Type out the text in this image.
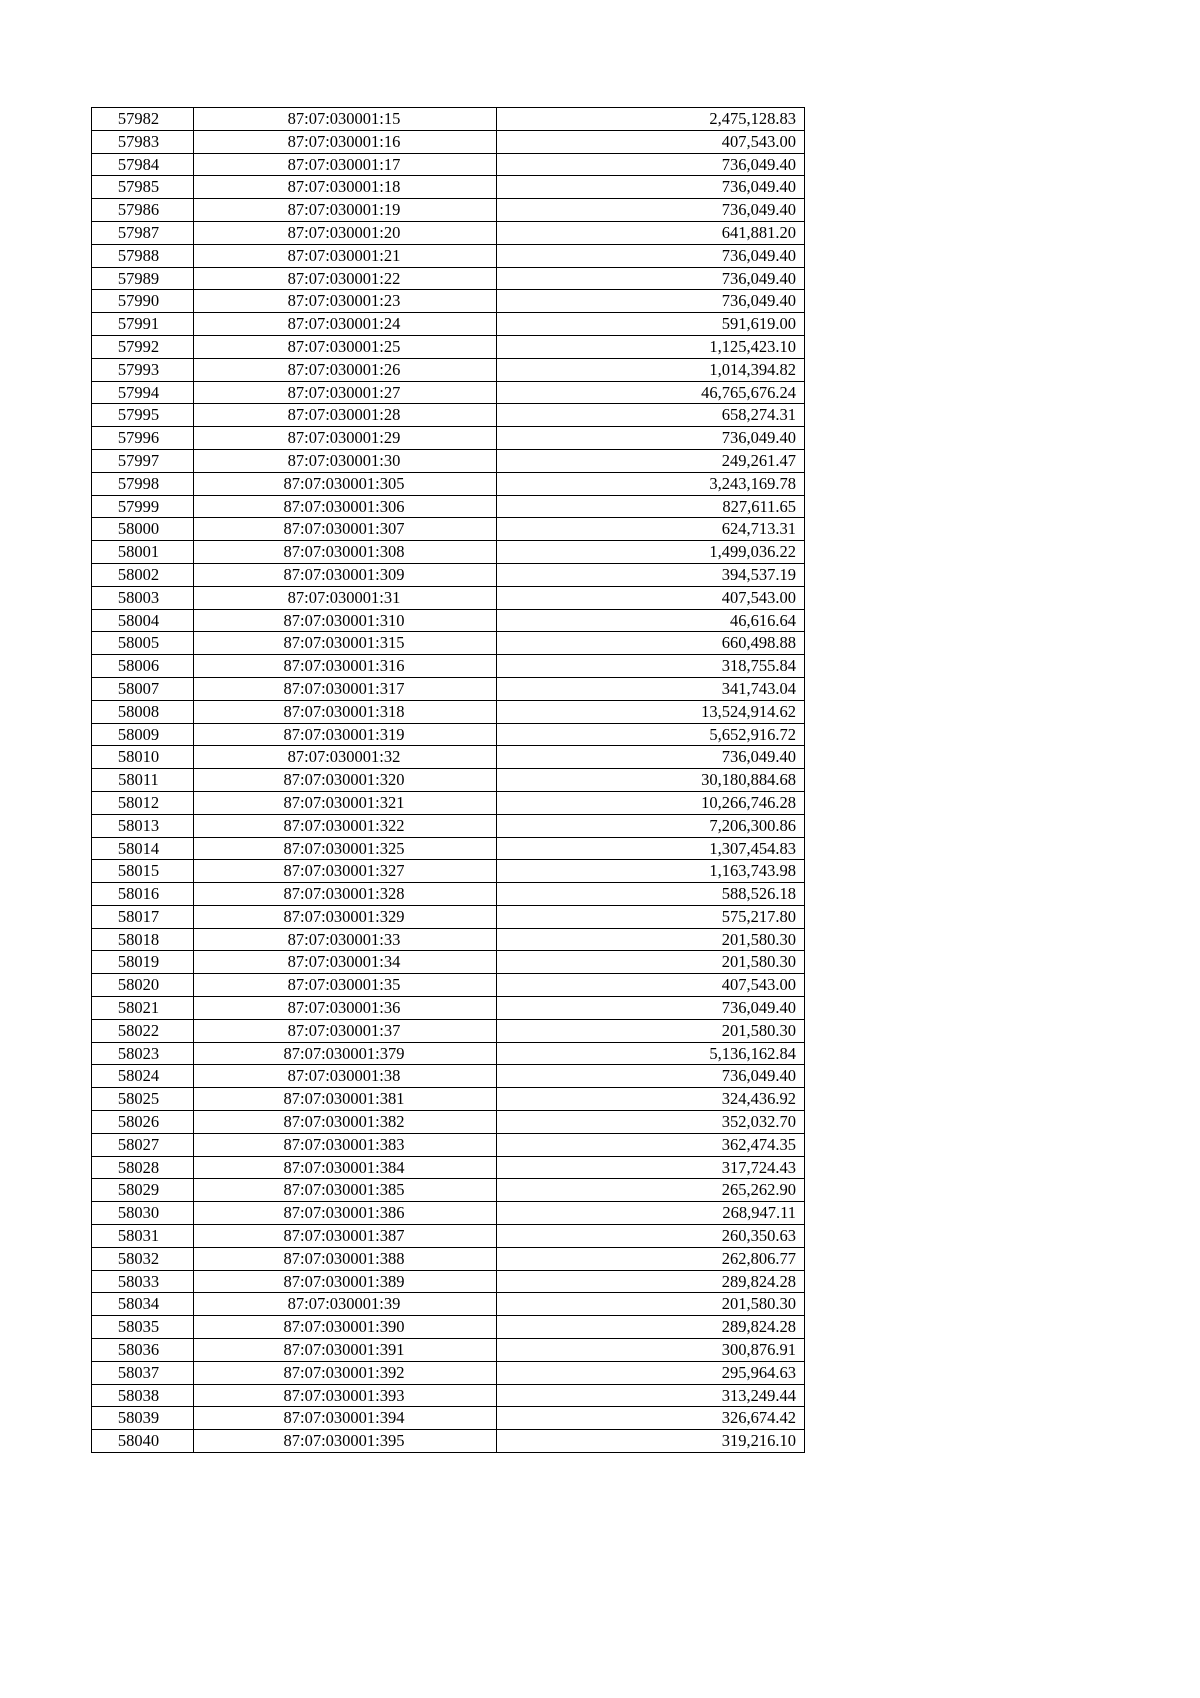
57982	87:07:030001:15	2,475,128.83
57983	87:07:030001:16	407,543.00
57984	87:07:030001:17	736,049.40
57985	87:07:030001:18	736,049.40
57986	87:07:030001:19	736,049.40
57987	87:07:030001:20	641,881.20
57988	87:07:030001:21	736,049.40
57989	87:07:030001:22	736,049.40
57990	87:07:030001:23	736,049.40
57991	87:07:030001:24	591,619.00
57992	87:07:030001:25	1,125,423.10
57993	87:07:030001:26	1,014,394.82
57994	87:07:030001:27	46,765,676.24
57995	87:07:030001:28	658,274.31
57996	87:07:030001:29	736,049.40
57997	87:07:030001:30	249,261.47
57998	87:07:030001:305	3,243,169.78
57999	87:07:030001:306	827,611.65
58000	87:07:030001:307	624,713.31
58001	87:07:030001:308	1,499,036.22
58002	87:07:030001:309	394,537.19
58003	87:07:030001:31	407,543.00
58004	87:07:030001:310	46,616.64
58005	87:07:030001:315	660,498.88
58006	87:07:030001:316	318,755.84
58007	87:07:030001:317	341,743.04
58008	87:07:030001:318	13,524,914.62
58009	87:07:030001:319	5,652,916.72
58010	87:07:030001:32	736,049.40
58011	87:07:030001:320	30,180,884.68
58012	87:07:030001:321	10,266,746.28
58013	87:07:030001:322	7,206,300.86
58014	87:07:030001:325	1,307,454.83
58015	87:07:030001:327	1,163,743.98
58016	87:07:030001:328	588,526.18
58017	87:07:030001:329	575,217.80
58018	87:07:030001:33	201,580.30
58019	87:07:030001:34	201,580.30
58020	87:07:030001:35	407,543.00
58021	87:07:030001:36	736,049.40
58022	87:07:030001:37	201,580.30
58023	87:07:030001:379	5,136,162.84
58024	87:07:030001:38	736,049.40
58025	87:07:030001:381	324,436.92
58026	87:07:030001:382	352,032.70
58027	87:07:030001:383	362,474.35
58028	87:07:030001:384	317,724.43
58029	87:07:030001:385	265,262.90
58030	87:07:030001:386	268,947.11
58031	87:07:030001:387	260,350.63
58032	87:07:030001:388	262,806.77
58033	87:07:030001:389	289,824.28
58034	87:07:030001:39	201,580.30
58035	87:07:030001:390	289,824.28
58036	87:07:030001:391	300,876.91
58037	87:07:030001:392	295,964.63
58038	87:07:030001:393	313,249.44
58039	87:07:030001:394	326,674.42
58040	87:07:030001:395	319,216.10
